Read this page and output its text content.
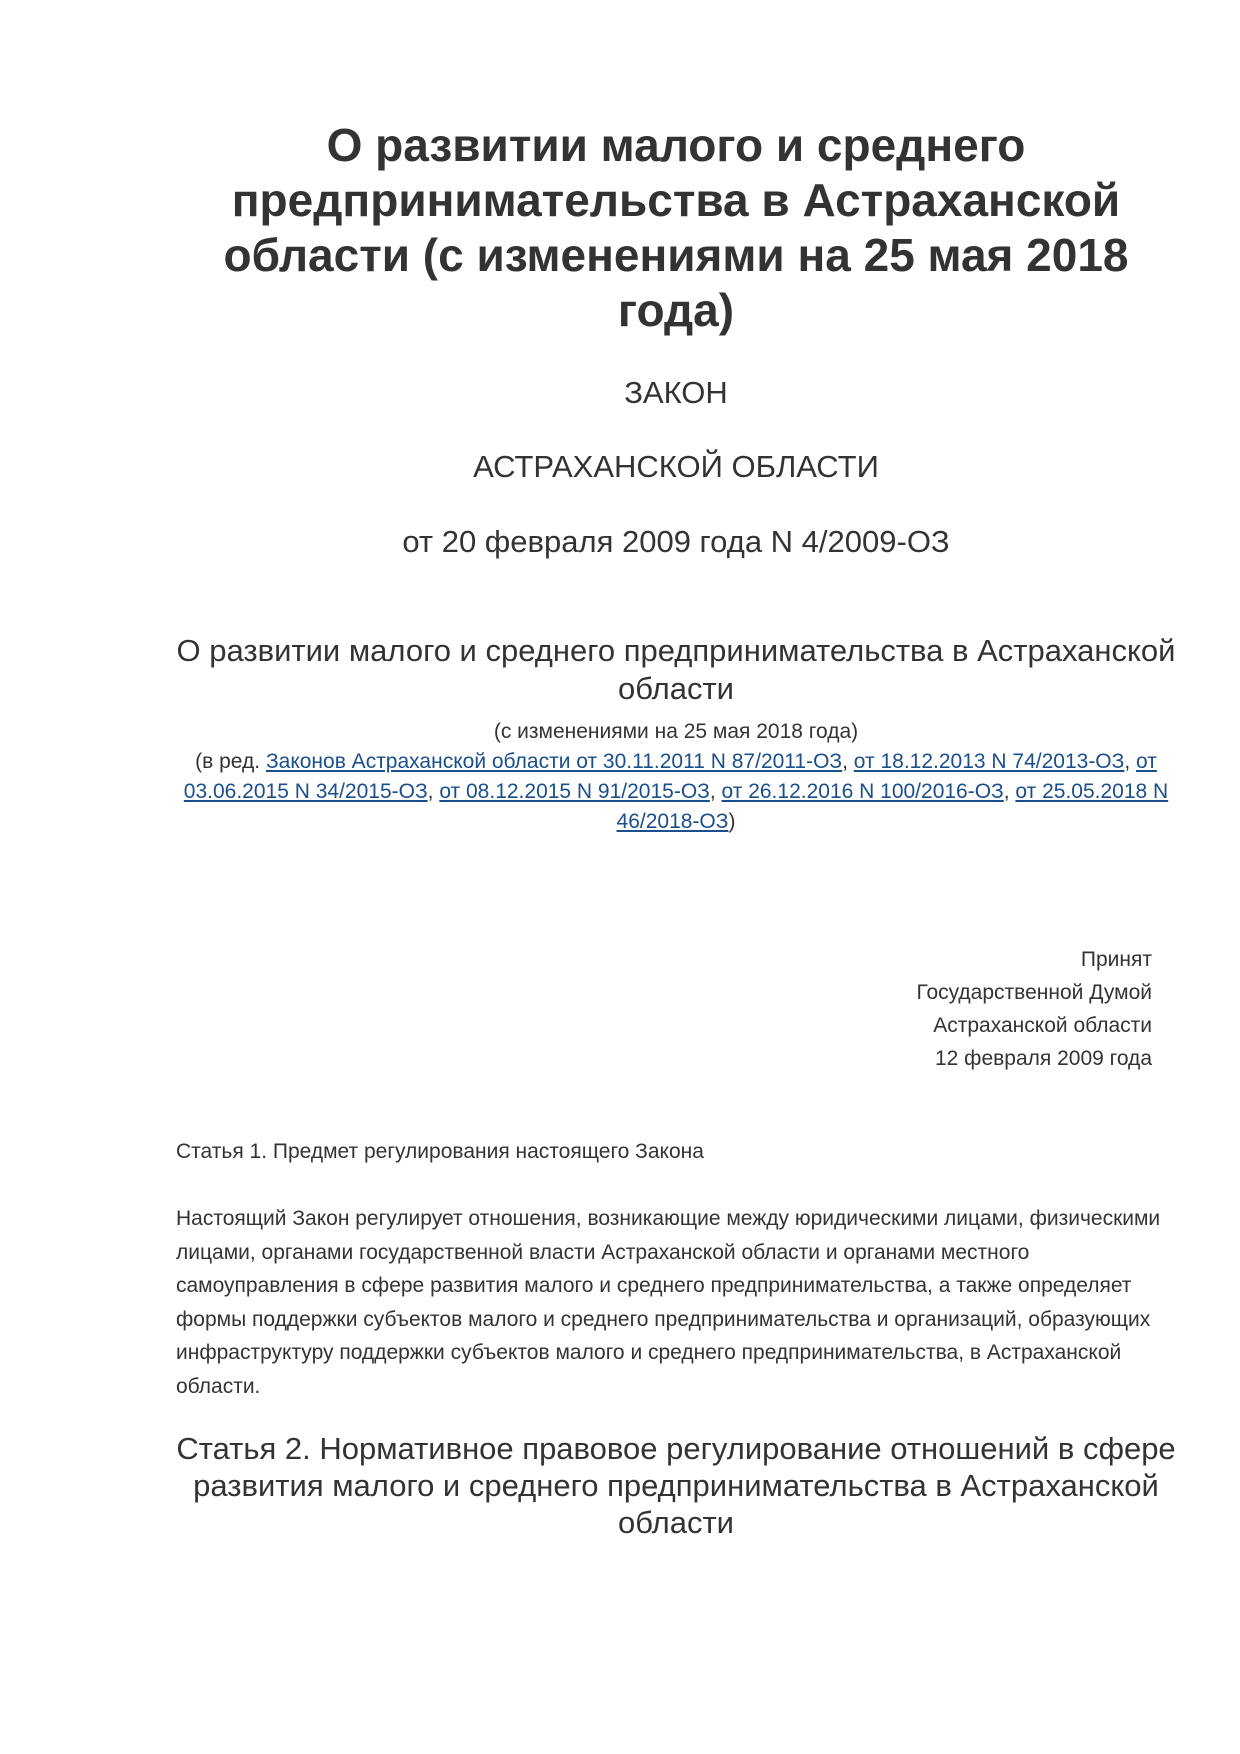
О развитии малого и среднего предпринимательства в Астраханской области (с изменениями на 25 мая 2018 года)
ЗАКОН
АСТРАХАНСКОЙ ОБЛАСТИ
от 20 февраля 2009 года N 4/2009-ОЗ
О развитии малого и среднего предпринимательства в Астраханской области
(с изменениями на 25 мая 2018 года)
(в ред. Законов Астраханской области от 30.11.2011 N 87/2011-ОЗ, от 18.12.2013 N 74/2013-ОЗ, от 03.06.2015 N 34/2015-ОЗ, от 08.12.2015 N 91/2015-ОЗ, от 26.12.2016 N 100/2016-ОЗ, от 25.05.2018 N 46/2018-ОЗ)
Принят
Государственной Думой
Астраханской области
12 февраля 2009 года
Статья 1. Предмет регулирования настоящего Закона
Настоящий Закон регулирует отношения, возникающие между юридическими лицами, физическими лицами, органами государственной власти Астраханской области и органами местного самоуправления в сфере развития малого и среднего предпринимательства, а также определяет формы поддержки субъектов малого и среднего предпринимательства и организаций, образующих инфраструктуру поддержки субъектов малого и среднего предпринимательства, в Астраханской области.
Статья 2. Нормативное правовое регулирование отношений в сфере развития малого и среднего предпринимательства в Астраханской области
